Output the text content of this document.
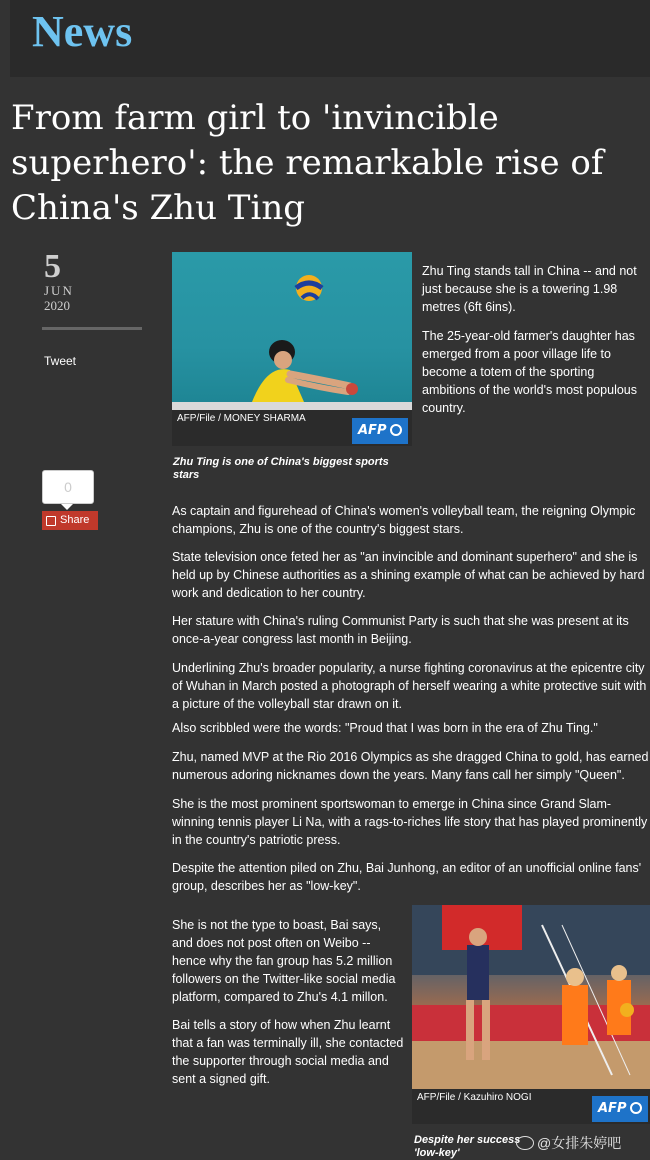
News
From farm girl to 'invincible superhero': the remarkable rise of China's Zhu Ting
5
JUN
2020
Tweet
0
Share
AFP/File / MONEY SHARMA
AFP
Zhu Ting is one of China's biggest sports stars

Zhu Ting stands tall in China -- and not just because she is a towering 1.98 metres (6ft 6ins).

The 25-year-old farmer's daughter has emerged from a poor village life to become a totem of the sporting ambitions of the world's most populous country.

As captain and figurehead of China's women's volleyball team, the reigning Olympic champions, Zhu is one of the country's biggest stars.

State television once feted her as "an invincible and dominant superhero" and she is held up by Chinese authorities as a shining example of what can be achieved by hard work and dedication to her country.

Her stature with China's ruling Communist Party is such that she was present at its once-a-year congress last month in Beijing.

Underlining Zhu's broader popularity, a nurse fighting coronavirus at the epicentre city of Wuhan in March posted a photograph of herself wearing a white protective suit with a picture of the volleyball star drawn on it.

Also scribbled were the words: "Proud that I was born in the era of Zhu Ting."

Zhu, named MVP at the Rio 2016 Olympics as she dragged China to gold, has earned numerous adoring nicknames down the years. Many fans call her simply "Queen".

She is the most prominent sportswoman to emerge in China since Grand Slam-winning tennis player Li Na, with a rags-to-riches life story that has played prominently in the country's patriotic press.

Despite the attention piled on Zhu, Bai Junhong, an editor of an unofficial online fans' group, describes her as "low-key".

She is not the type to boast, Bai says, and does not post often on Weibo -- hence why the fan group has 5.2 million followers on the Twitter-like social media platform, compared to Zhu's 4.1 millon.

Bai tells a story of how when Zhu learnt that a fan was terminally ill, she contacted the supporter through social media and sent a signed gift.

AFP/File / Kazuhiro NOGI
AFP
Despite her success
'low-key'
@女排朱婷吧
